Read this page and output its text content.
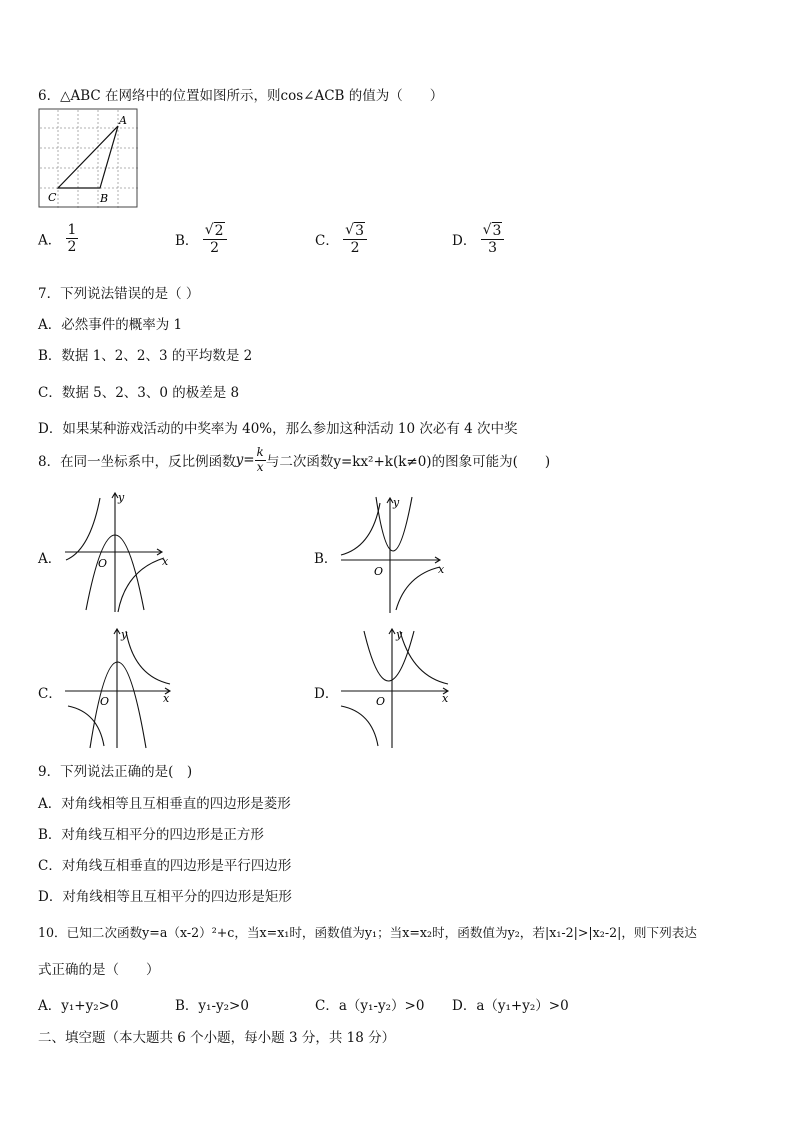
6．△ABC 在网络中的位置如图所示，则cos∠ACB 的值为（　　）
A
C	B
A． $\frac{1}{2}$	B． $\frac{√ 2}{2}$	C． $\frac{√ 3}{2}$	D． $\frac{√ 3}{3}$
7．下列说法错误的是（ ）
A．必然事件的概率为 1
B．数据 1、2、2、3 的平均数是 2
C．数据 5、2、3、0 的极差是 8
D．如果某种游戏活动的中奖率为 40%，那么参加这种活动 10 次必有 4 次中奖
8．在同一坐标系中，反比例函数 $y= \frac{k}{x}$ 与二次函数y=kx²+k(k≠0)的图象可能为(　　)
A．
y
x
O	B．
y
x
O
C．
y
x
O	D．
y
x
O
9．下列说法正确的是(　)
A．对角线相等且互相垂直的四边形是菱形
B．对角线互相平分的四边形是正方形
C．对角线互相垂直的四边形是平行四边形
D．对角线相等且互相平分的四边形是矩形
10．已知二次函数y=a（x-2）²+c，当x=x₁时，函数值为y₁；当x=x₂时，函数值为y₂，若|x₁-2|>|x₂-2|，则下列表达
式正确的是（　　）
A．y₁+y₂>0	B．y₁-y₂>0	C．a（y₁-y₂）>0 D．a（y₁+y₂）>0
二、填空题（本大题共 6 个小题，每小题 3 分，共 18 分）
